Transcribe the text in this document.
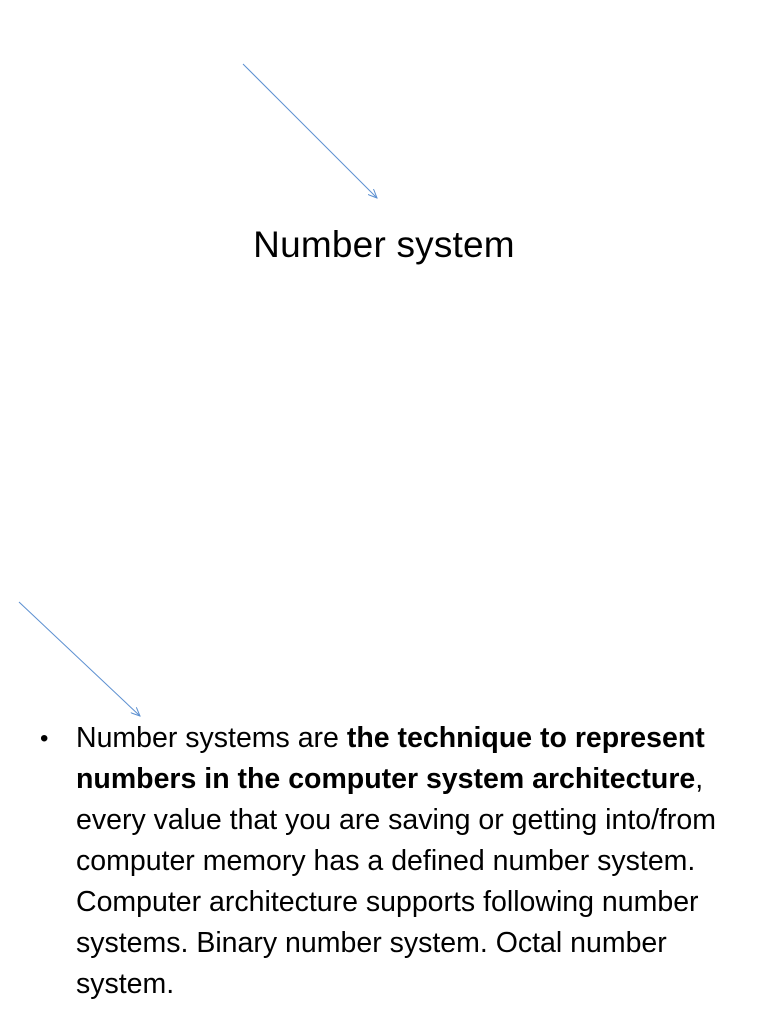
Number system
• Number systems are the technique to represent numbers in the computer system architecture, every value that you are saving or getting into/from computer memory has a defined number system. Computer architecture supports following number systems. Binary number system. Octal number system.
